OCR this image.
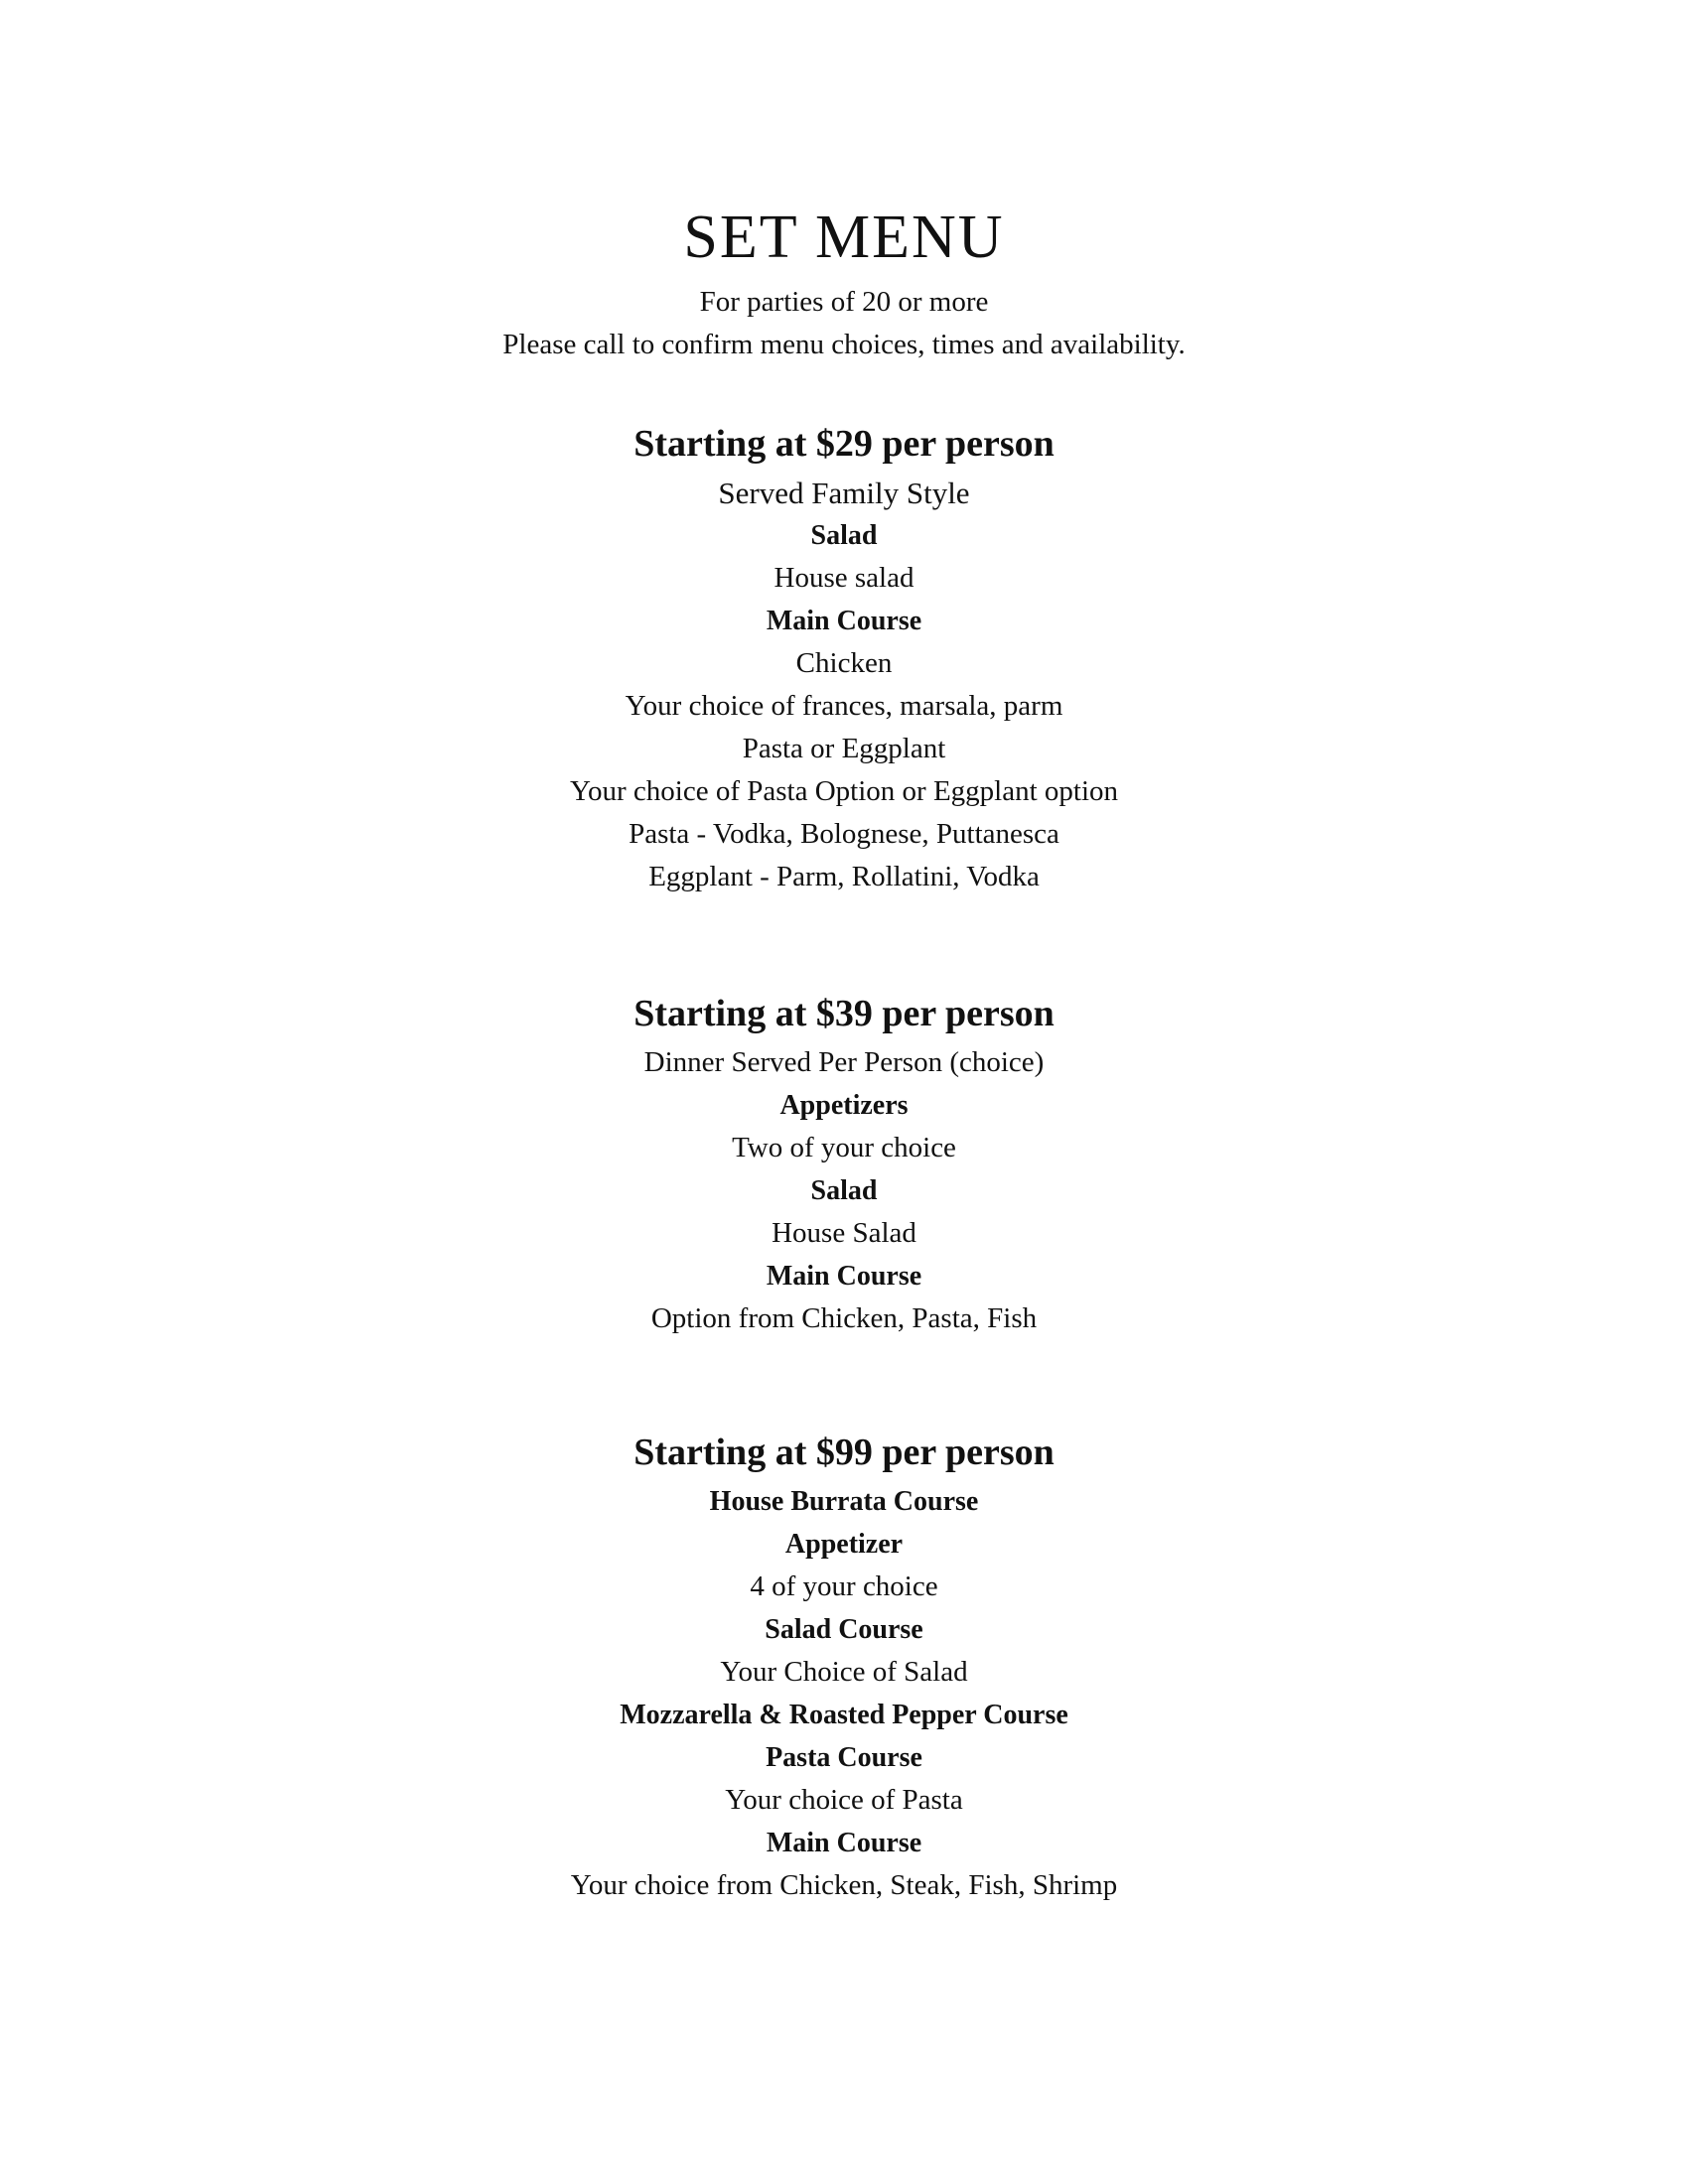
SET MENU
For parties of 20 or more
Please call to confirm menu choices, times and availability.
Starting at $29 per person
Served Family Style
Salad
House salad
Main Course
Chicken
Your choice of frances, marsala, parm
Pasta or Eggplant
Your choice of Pasta Option or Eggplant option
Pasta - Vodka, Bolognese, Puttanesca
Eggplant - Parm, Rollatini, Vodka
Starting at $39 per person
Dinner Served Per Person (choice)
Appetizers
Two of your choice
Salad
House Salad
Main Course
Option from Chicken, Pasta, Fish
Starting at $99 per person
House Burrata Course
Appetizer
4 of your choice
Salad Course
Your Choice of Salad
Mozzarella & Roasted Pepper Course
Pasta Course
Your choice of Pasta
Main Course
Your choice from Chicken, Steak, Fish, Shrimp
